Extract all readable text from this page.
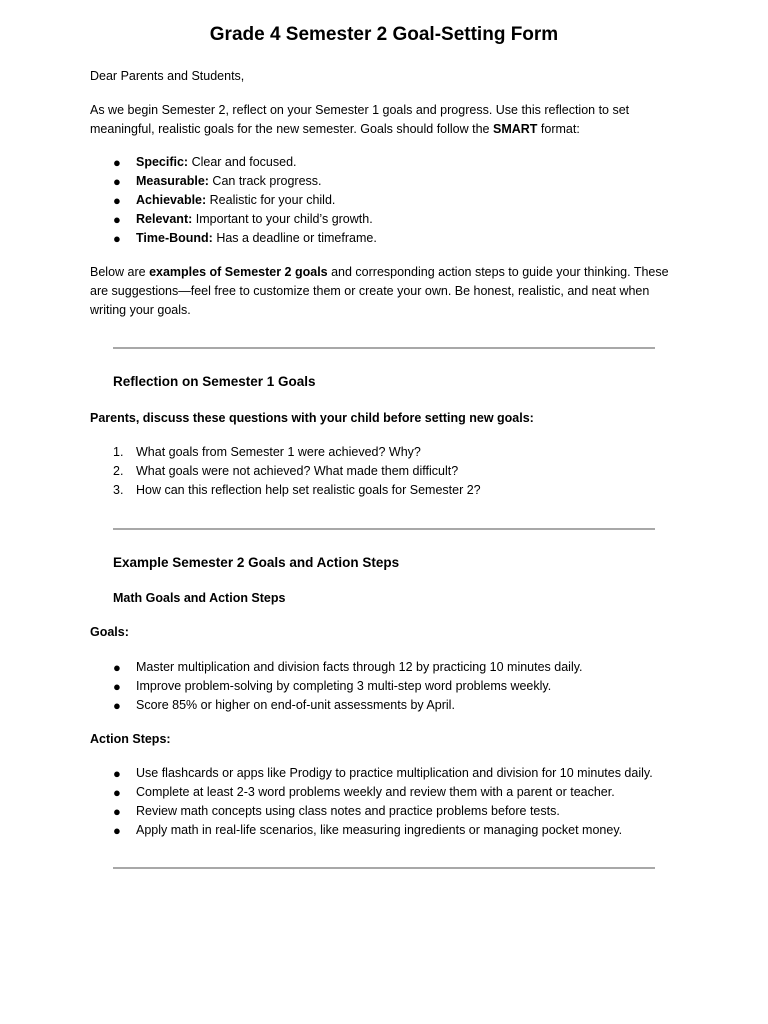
Grade 4 Semester 2 Goal-Setting Form
Dear Parents and Students,
As we begin Semester 2, reflect on your Semester 1 goals and progress. Use this reflection to set
meaningful, realistic goals for the new semester. Goals should follow the SMART format:
●	Specific: Clear and focused.
●	Measurable: Can track progress.
●	Achievable: Realistic for your child.
●	Relevant: Important to your child’s growth.
●	Time-Bound: Has a deadline or timeframe.
Below are examples of Semester 2 goals and corresponding action steps to guide your thinking. These
are suggestions—feel free to customize them or create your own. Be honest, realistic, and neat when
writing your goals.
Reflection on Semester 1 Goals
Parents, discuss these questions with your child before setting new goals:
1.	What goals from Semester 1 were achieved? Why?
2.	What goals were not achieved? What made them difficult?
3.	How can this reflection help set realistic goals for Semester 2?
Example Semester 2 Goals and Action Steps
Math Goals and Action Steps
Goals:
●	Master multiplication and division facts through 12 by practicing 10 minutes daily.
●	Improve problem-solving by completing 3 multi-step word problems weekly.
●	Score 85% or higher on end-of-unit assessments by April.
Action Steps:
●	Use flashcards or apps like Prodigy to practice multiplication and division for 10 minutes daily.
●	Complete at least 2-3 word problems weekly and review them with a parent or teacher.
●	Review math concepts using class notes and practice problems before tests.
●	Apply math in real-life scenarios, like measuring ingredients or managing pocket money.
